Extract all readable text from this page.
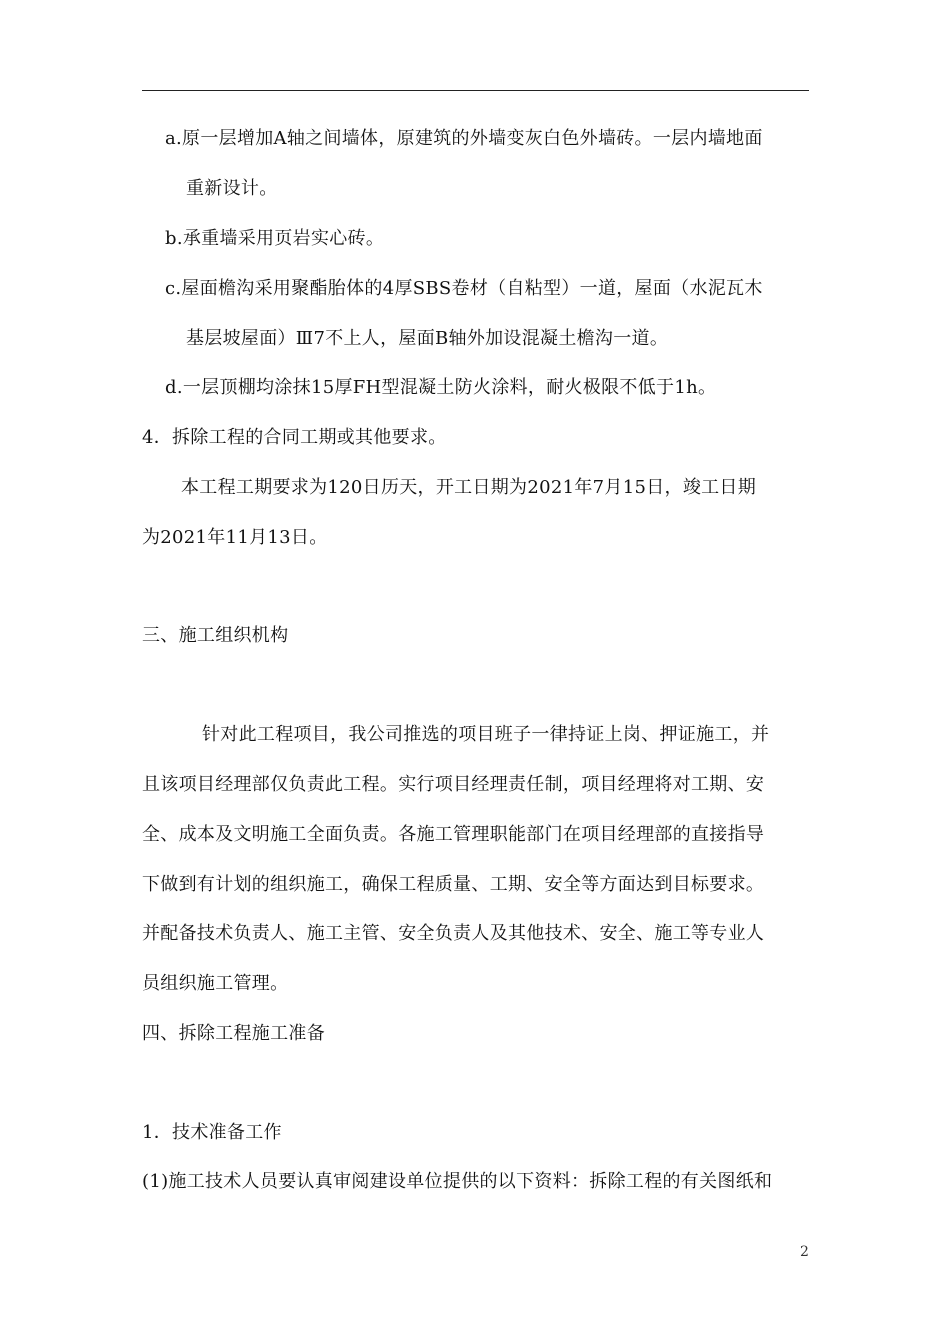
a.原一层增加A轴之间墙体，原建筑的外墙变灰白色外墙砖。一层内墙地面
重新设计。
b.承重墙采用页岩实心砖。
c.屋面檐沟采用聚酯胎体的4厚SBS卷材（自粘型）一道，屋面（水泥瓦木
基层坡屋面）Ⅲ7不上人，屋面B轴外加设混凝土檐沟一道。
d.一层顶棚均涂抹15厚FH型混凝土防火涂料，耐火极限不低于1h。
4．拆除工程的合同工期或其他要求。
本工程工期要求为120日历天，开工日期为2021年7月15日，竣工日期
为2021年11月13日。
三、施工组织机构
针对此工程项目，我公司推选的项目班子一律持证上岗、押证施工，并
且该项目经理部仅负责此工程。实行项目经理责任制，项目经理将对工期、安
全、成本及文明施工全面负责。各施工管理职能部门在项目经理部的直接指导
下做到有计划的组织施工，确保工程质量、工期、安全等方面达到目标要求。
并配备技术负责人、施工主管、安全负责人及其他技术、安全、施工等专业人
员组织施工管理。
四、拆除工程施工准备
1．技术准备工作
(1)施工技术人员要认真审阅建设单位提供的以下资料：拆除工程的有关图纸和
2
